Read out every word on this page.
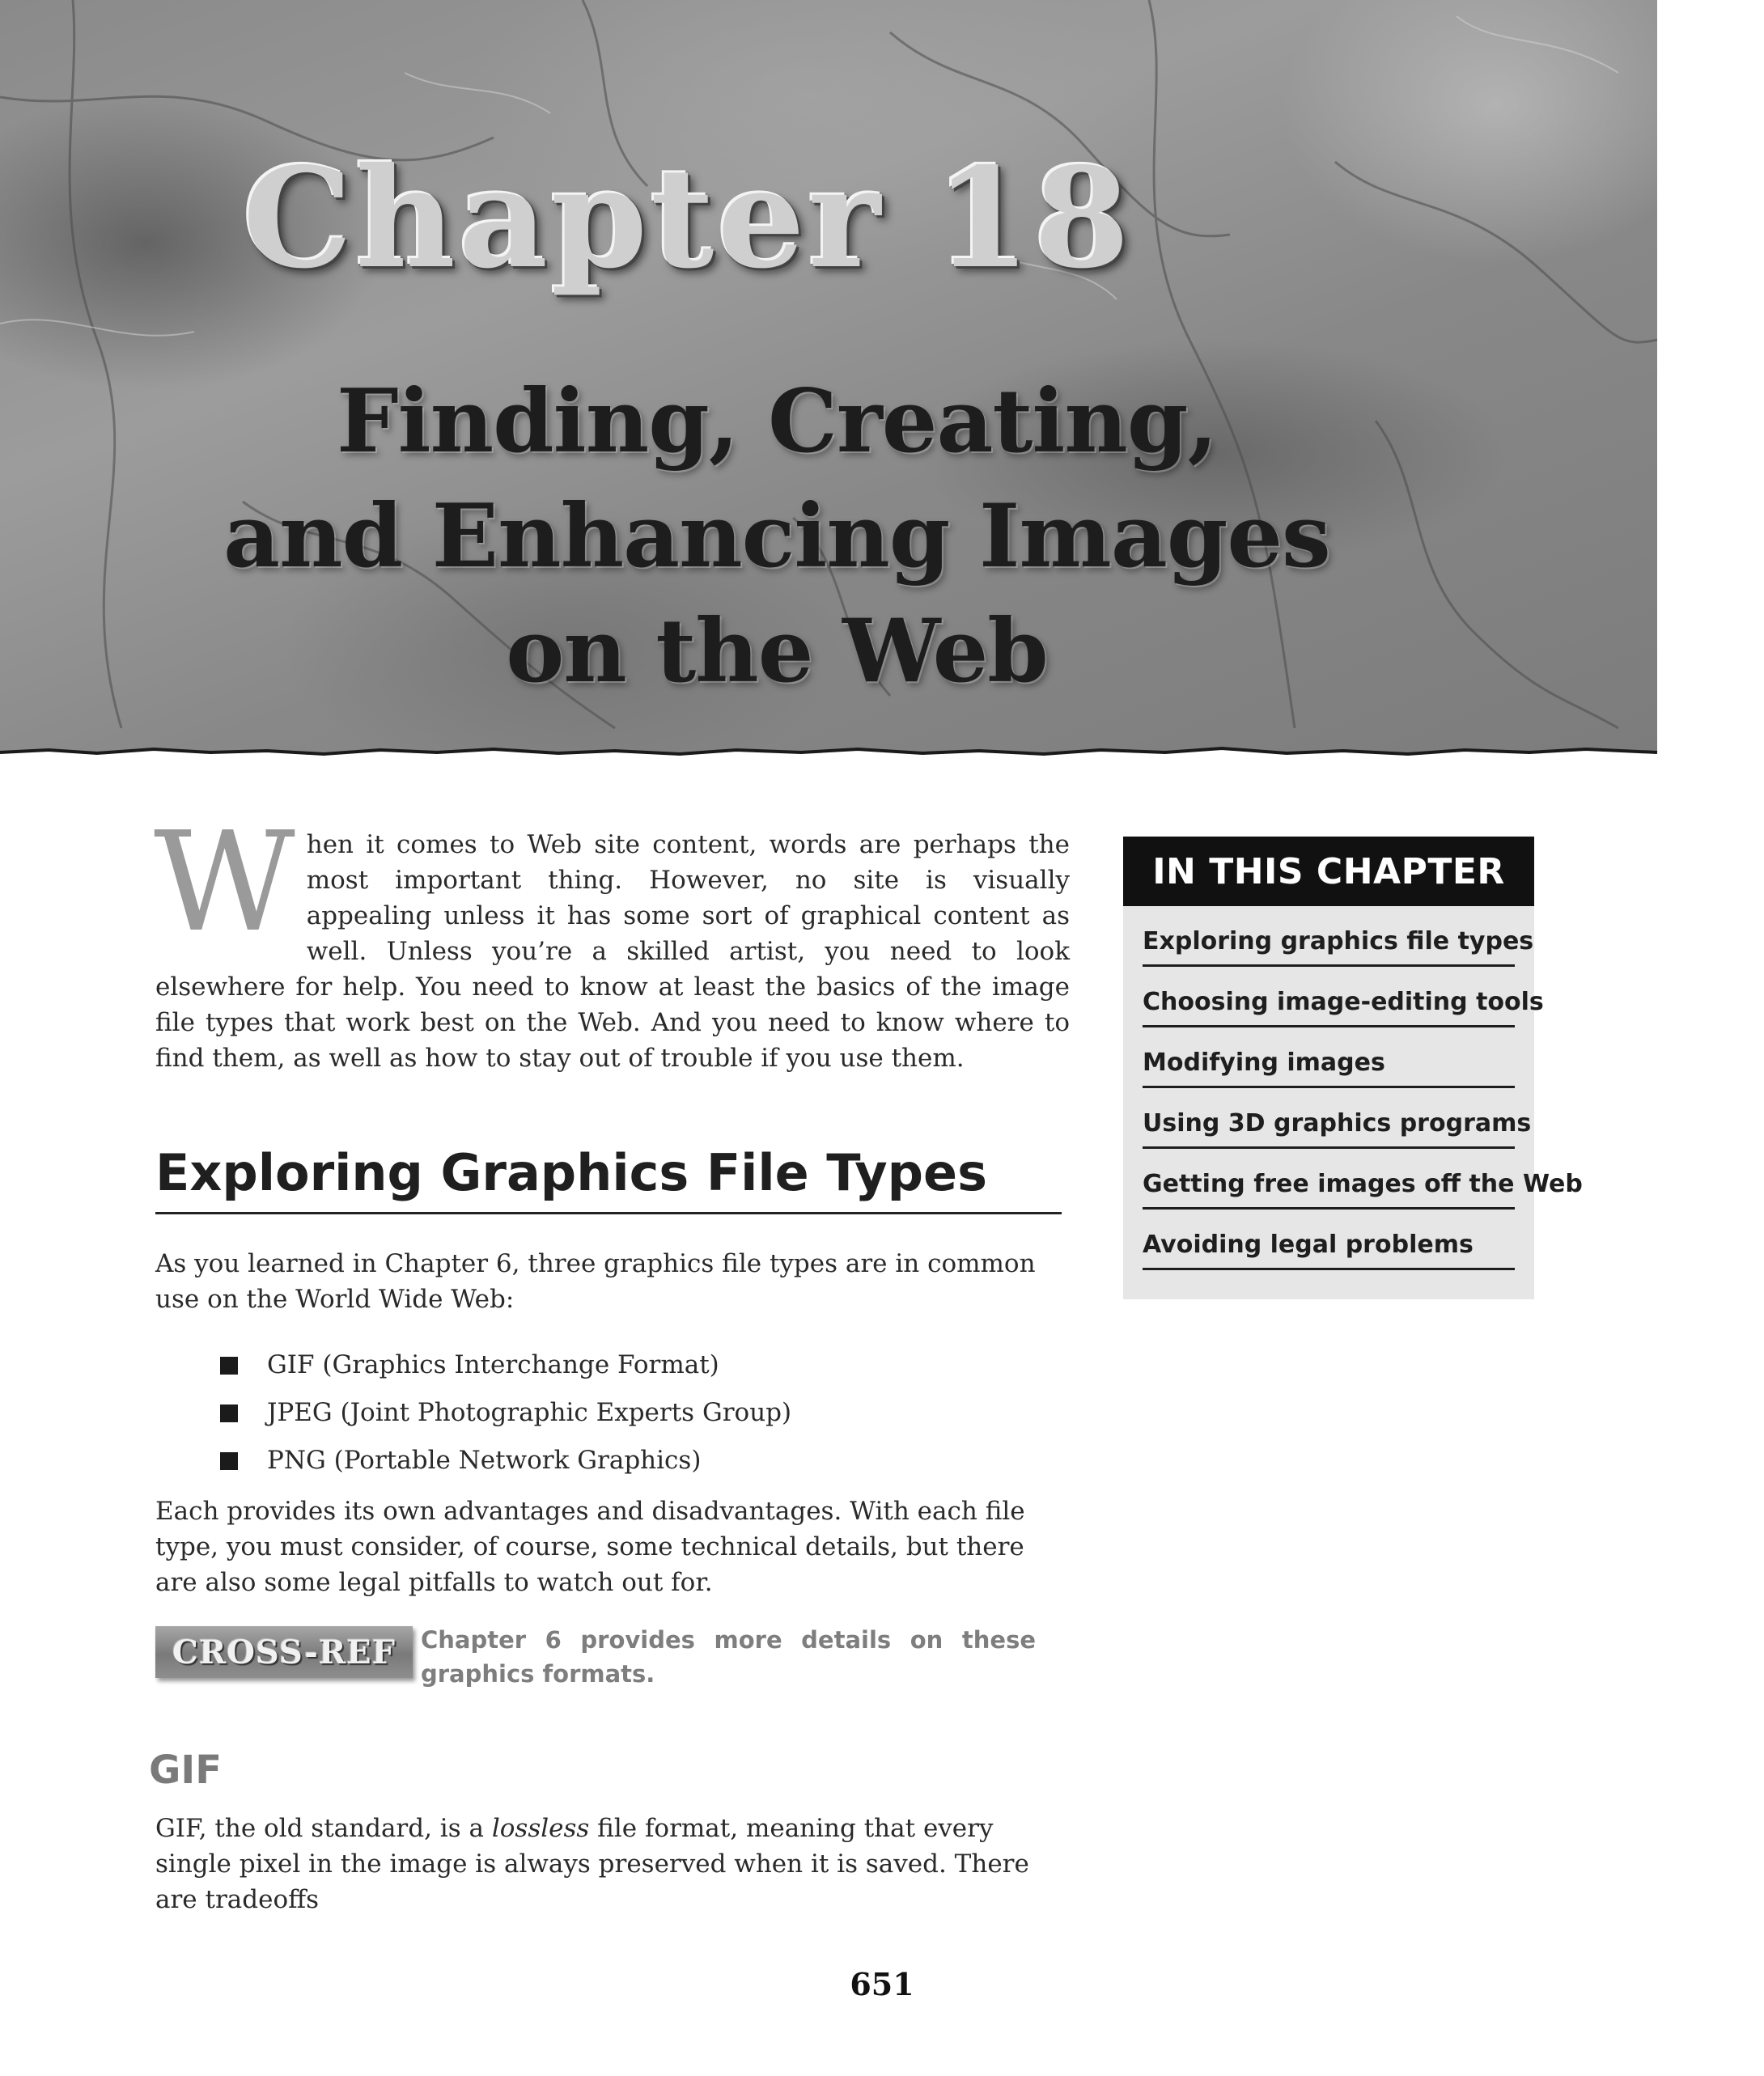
Chapter 18
Finding, Creating,
and Enhancing Images
on the Web

When it comes to Web site content, words are perhaps the most important thing. However, no site is visually appealing unless it has some sort of graphical content as well. Unless you’re a skilled artist, you need to look elsewhere for help. You need to know at least the basics of the image file types that work best on the Web. And you need to know where to find them, as well as how to stay out of trouble if you use them.

Exploring Graphics File Types

As you learned in Chapter 6, three graphics file types are in common use on the World Wide Web:

GIF (Graphics Interchange Format)
JPEG (Joint Photographic Experts Group)
PNG (Portable Network Graphics)

Each provides its own advantages and disadvantages. With each file type, you must consider, of course, some technical details, but there are also some legal pitfalls to watch out for.

CROSS-REF Chapter 6 provides more details on these graphics formats.

GIF

GIF, the old standard, is a lossless file format, meaning that every single pixel in the image is always preserved when it is saved. There are tradeoffs

651
IN THIS CHAPTER
Exploring graphics file types
Choosing image-editing tools
Modifying images
Using 3D graphics programs
Getting free images off the Web
Avoiding legal problems
